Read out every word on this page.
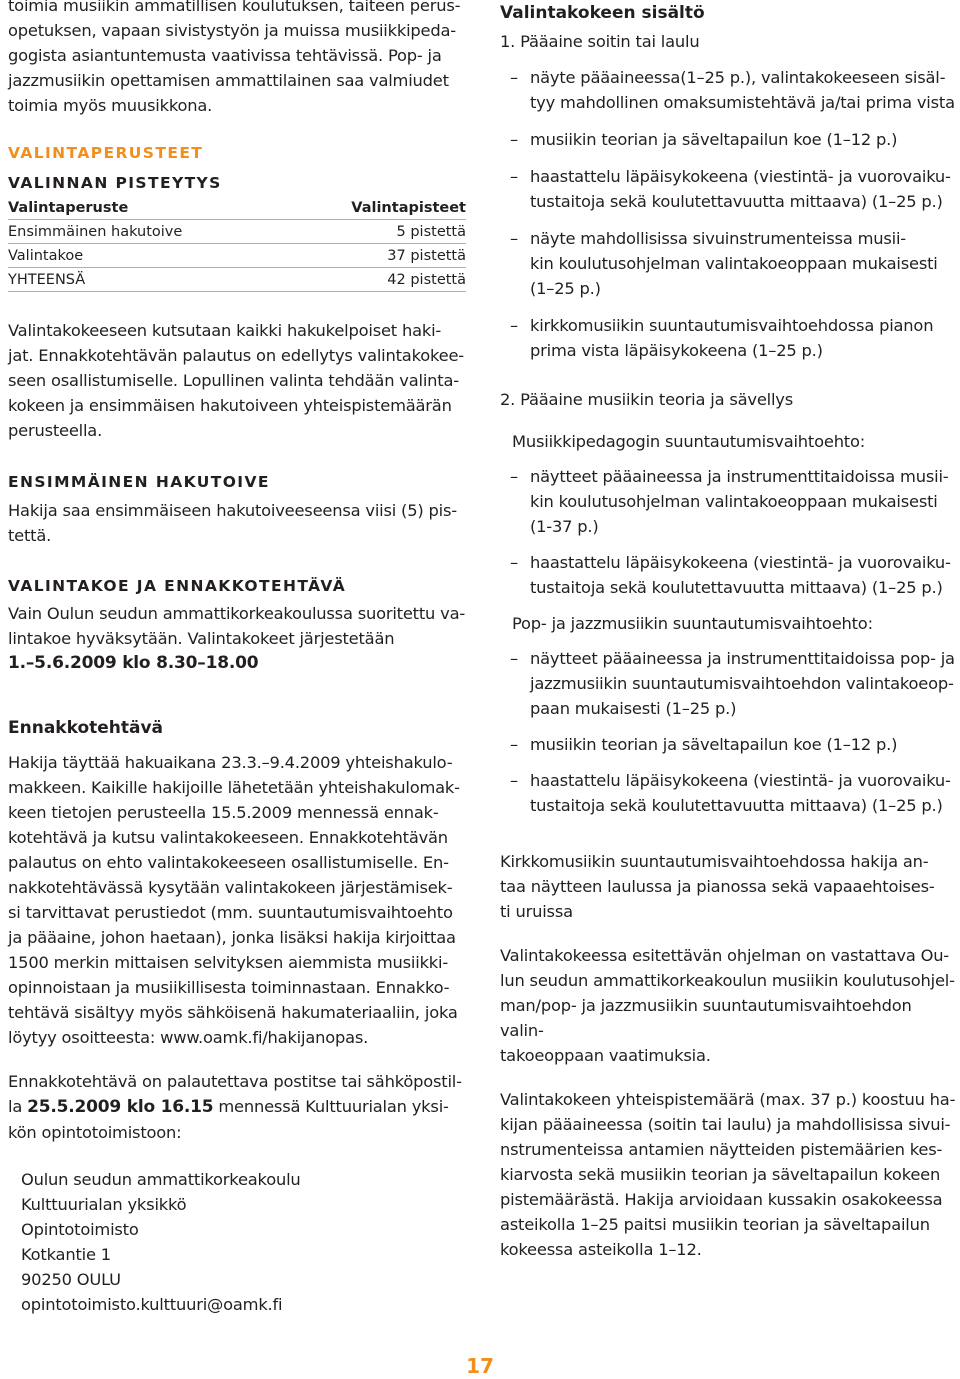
toimia musiikin ammatillisen koulutuksen, taiteen perus-

opetuksen, vapaan sivistystyön ja muissa musiikkipeda-

gogista asiantuntemusta vaativissa tehtävissä. Pop- ja

jazzmusiikin opettamisen ammattilainen saa valmiudet

toimia myös muusikkona.

VALINTAPERUSTEET
VALINNAN PISTEYTYS
Valintaperuste	Valintapisteet
Ensimmäinen hakutoive	5 pistettä
Valintakoe	37 pistettä
YHTEENSÄ	42 pistettä

Valintakokeeseen kutsutaan kaikki hakukelpoiset haki-

jat. Ennakkotehtävän palautus on edellytys valintakokee-

seen osallistumiselle. Lopullinen valinta tehdään valinta-

kokeen ja ensimmäisen hakutoiveen yhteispistemäärän

perusteella.

ENSIMMÄINEN HAKUTOIVE

Hakija saa ensimmäiseen hakutoiveeseensa viisi (5) pis-

tettä.

VALINTAKOE JA ENNAKKOTEHTÄVÄ

Vain Oulun seudun ammattikorkeakoulussa suoritettu va-

lintakoe hyväksytään. Valintakokeet järjestetään

1.–5.6.2009 klo 8.30–18.00

Ennakkotehtävä

Hakija täyttää hakuaikana 23.3.–9.4.2009 yhteishakulo-

makkeen. Kaikille hakijoille lähetetään yhteishakulomak-

keen tietojen perusteella 15.5.2009 mennessä ennak-

kotehtävä ja kutsu valintakokeeseen. Ennakkotehtävän

palautus on ehto valintakokeeseen osallistumiselle. En-

nakkotehtävässä kysytään valintakokeen järjestämisek-

si tarvittavat perustiedot (mm. suuntautumisvaihtoehto

ja pääaine, johon haetaan), jonka lisäksi hakija kirjoittaa

1500 merkin mittaisen selvityksen aiemmista musiikki-

opinnoistaan ja musiikillisesta toiminnastaan. Ennakko-

tehtävä sisältyy myös sähköisenä hakumateriaaliin, joka

löytyy osoitteesta: www.oamk.fi/hakijanopas.

Ennakkotehtävä on palautettava postitse tai sähköpostil-

la 25.5.2009 klo 16.15 mennessä Kulttuurialan yksi-

kön opintotoimistoon:

Oulun seudun ammattikorkeakoulu

Kulttuurialan yksikkö

Opintotoimisto

Kotkantie 1

90250 OULU

opintotoimisto.kulttuuri@oamk.fi

Valintakokeen sisältö

1. Pääaine soitin tai laulu

– näyte pääaineessa(1–25 p.), valintakokeeseen sisäl-
tyy mahdollinen omaksumistehtävä ja/tai prima vista
– musiikin teorian ja säveltapailun koe (1–12 p.)
– haastattelu läpäisykokeena (viestintä- ja vuorovaiku-
tustaitoja sekä koulutettavuutta mittaava) (1–25 p.)
– näyte mahdollisissa sivuinstrumenteissa musii-
kin koulutusohjelman valintakoeoppaan mukaisesti
(1–25 p.)
– kirkkomusiikin suuntautumisvaihtoehdossa pianon
prima vista läpäisykokeena (1–25 p.)

2. Pääaine musiikin teoria ja sävellys

Musiikkipedagogin suuntautumisvaihtoehto:

– näytteet pääaineessa ja instrumenttitaidoissa musii-
kin koulutusohjelman valintakoeoppaan mukaisesti
(1-37 p.)
– haastattelu läpäisykokeena (viestintä- ja vuorovaiku-
tustaitoja sekä koulutettavuutta mittaava) (1–25 p.)

Pop- ja jazzmusiikin suuntautumisvaihtoehto:

– näytteet pääaineessa ja instrumenttitaidoissa pop- ja
jazzmusiikin suuntautumisvaihtoehdon valintakoeop-
paan mukaisesti (1–25 p.)
– musiikin teorian ja säveltapailun koe (1–12 p.)
– haastattelu läpäisykokeena (viestintä- ja vuorovaiku-
tustaitoja sekä koulutettavuutta mittaava) (1–25 p.)

Kirkkomusiikin suuntautumisvaihtoehdossa hakija an-

taa näytteen laulussa ja pianossa sekä vapaaehtoises-

ti uruissa

Valintakokeessa esitettävän ohjelman on vastattava Ou-

lun seudun ammattikorkeakoulun musiikin koulutusohjel-

man/pop- ja jazzmusiikin suuntautumisvaihtoehdon valin-

takoeoppaan vaatimuksia.

Valintakokeen yhteispistemäärä (max. 37 p.) koostuu ha-

kijan pääaineessa (soitin tai laulu) ja mahdollisissa sivui-

nstrumenteissa antamien näytteiden pistemäärien kes-

kiarvosta sekä musiikin teorian ja säveltapailun kokeen

pistemäärästä. Hakija arvioidaan kussakin osakokeessa

asteikolla 1–25 paitsi musiikin teorian ja säveltapailun

kokeessa asteikolla 1–12.

17
